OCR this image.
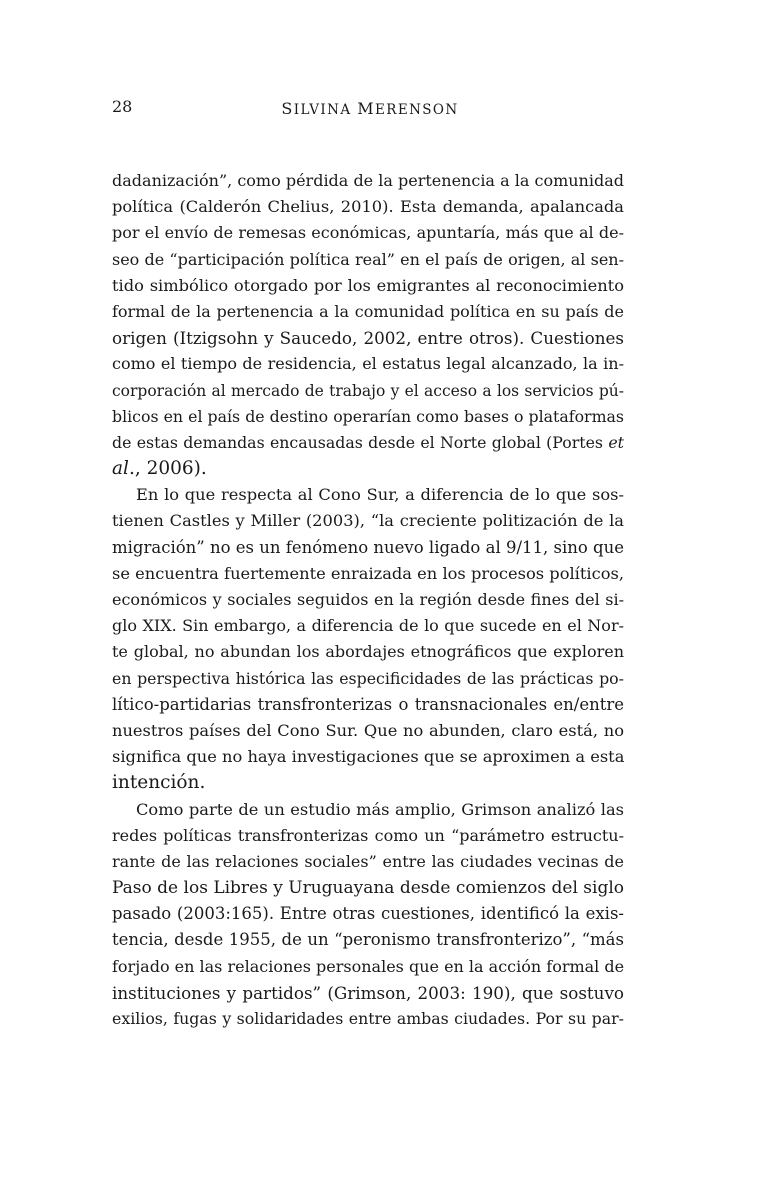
28	SILVINA MERENSON
dadanización”, como pérdida de la pertenencia a la comunidad
política (Calderón Chelius, 2010). Esta demanda, apalancada
por el envío de remesas económicas, apuntaría, más que al de-
seo de “participación política real” en el país de origen, al sen-
tido simbólico otorgado por los emigrantes al reconocimiento
formal de la pertenencia a la comunidad política en su país de
origen (Itzigsohn y Saucedo, 2002, entre otros). Cuestiones
como el tiempo de residencia, el estatus legal alcanzado, la in-
corporación al mercado de trabajo y el acceso a los servicios pú-
blicos en el país de destino operarían como bases o plataformas
de estas demandas encausadas desde el Norte global (Portes et
al., 2006).
En lo que respecta al Cono Sur, a diferencia de lo que sos-
tienen Castles y Miller (2003), “la creciente politización de la
migración” no es un fenómeno nuevo ligado al 9/11, sino que
se encuentra fuertemente enraizada en los procesos políticos,
económicos y sociales seguidos en la región desde fines del si-
glo XIX. Sin embargo, a diferencia de lo que sucede en el Nor-
te global, no abundan los abordajes etnográficos que exploren
en perspectiva histórica las especificidades de las prácticas po-
lítico-partidarias transfronterizas o transnacionales en/entre
nuestros países del Cono Sur. Que no abunden, claro está, no
significa que no haya investigaciones que se aproximen a esta
intención.
Como parte de un estudio más amplio, Grimson analizó las
redes políticas transfronterizas como un “parámetro estructu-
rante de las relaciones sociales” entre las ciudades vecinas de
Paso de los Libres y Uruguayana desde comienzos del siglo
pasado (2003:165). Entre otras cuestiones, identificó la exis-
tencia, desde 1955, de un “peronismo transfronterizo”, “más
forjado en las relaciones personales que en la acción formal de
instituciones y partidos” (Grimson, 2003: 190), que sostuvo
exilios, fugas y solidaridades entre ambas ciudades. Por su par-
